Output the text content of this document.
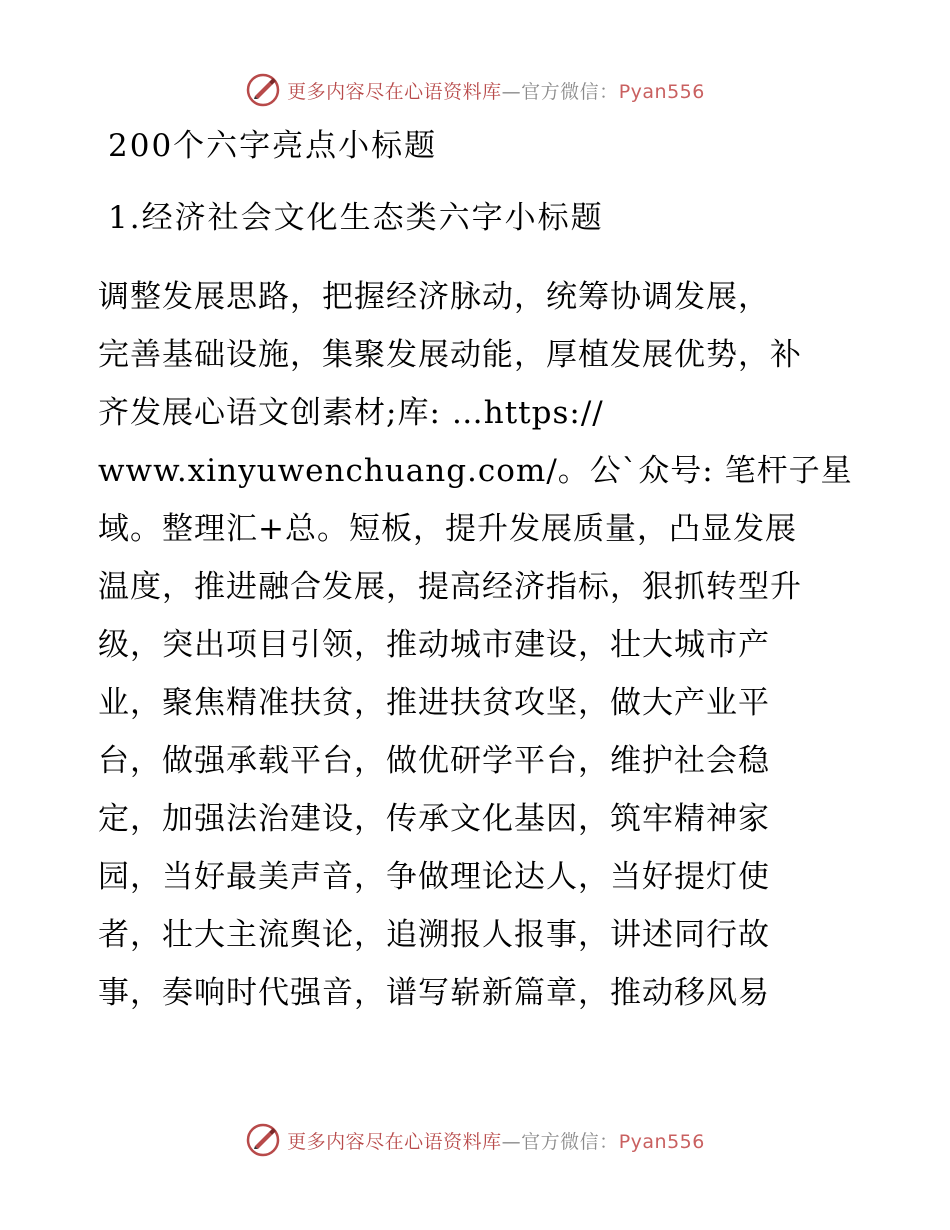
更多内容尽在心语资料库—官方微信：Pyan556
200个六字亮点小标题
1.经济社会文化生态类六字小标题
调整发展思路，把握经济脉动，统筹协调发展，
完善基础设施，集聚发展动能，厚植发展优势，补
齐发展心语文创素材;库: …https://
www.xinyuwenchuang.com/。公`众号: 笔杆子星
域。整理汇+总。短板，提升发展质量，凸显发展
温度，推进融合发展，提高经济指标，狠抓转型升
级，突出项目引领，推动城市建设，壮大城市产
业，聚焦精准扶贫，推进扶贫攻坚，做大产业平
台，做强承载平台，做优研学平台，维护社会稳
定，加强法治建设，传承文化基因，筑牢精神家
园，当好最美声音，争做理论达人，当好提灯使
者，壮大主流舆论，追溯报人报事，讲述同行故
事，奏响时代强音，谱写崭新篇章，推动移风易
更多内容尽在心语资料库—官方微信：Pyan556
